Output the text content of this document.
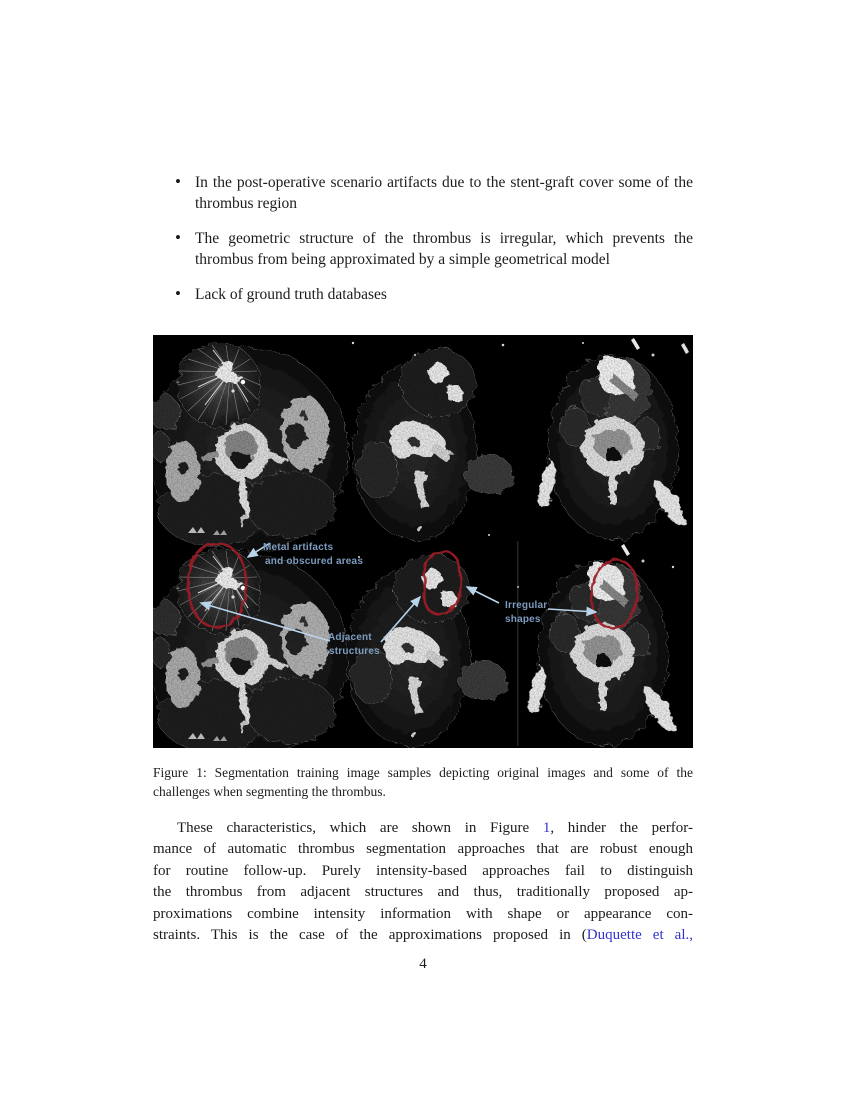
• In the post-operative scenario artifacts due to the stent-graft cover some of the thrombus region
• The geometric structure of the thrombus is irregular, which prevents the thrombus from being approximated by a simple geometrical model
• Lack of ground truth databases
Metal artifacts
and obscured areas
Adjacent
structures
Irregular
shapes
Figure 1: Segmentation training image samples depicting original images and some of the challenges when segmenting the thrombus.
These characteristics, which are shown in Figure 1, hinder the perfor-
mance of automatic thrombus segmentation approaches that are robust enough
for routine follow-up. Purely intensity-based approaches fail to distinguish
the thrombus from adjacent structures and thus, traditionally proposed ap-
proximations combine intensity information with shape or appearance con-
straints. This is the case of the approximations proposed in (Duquette et al.,
4
